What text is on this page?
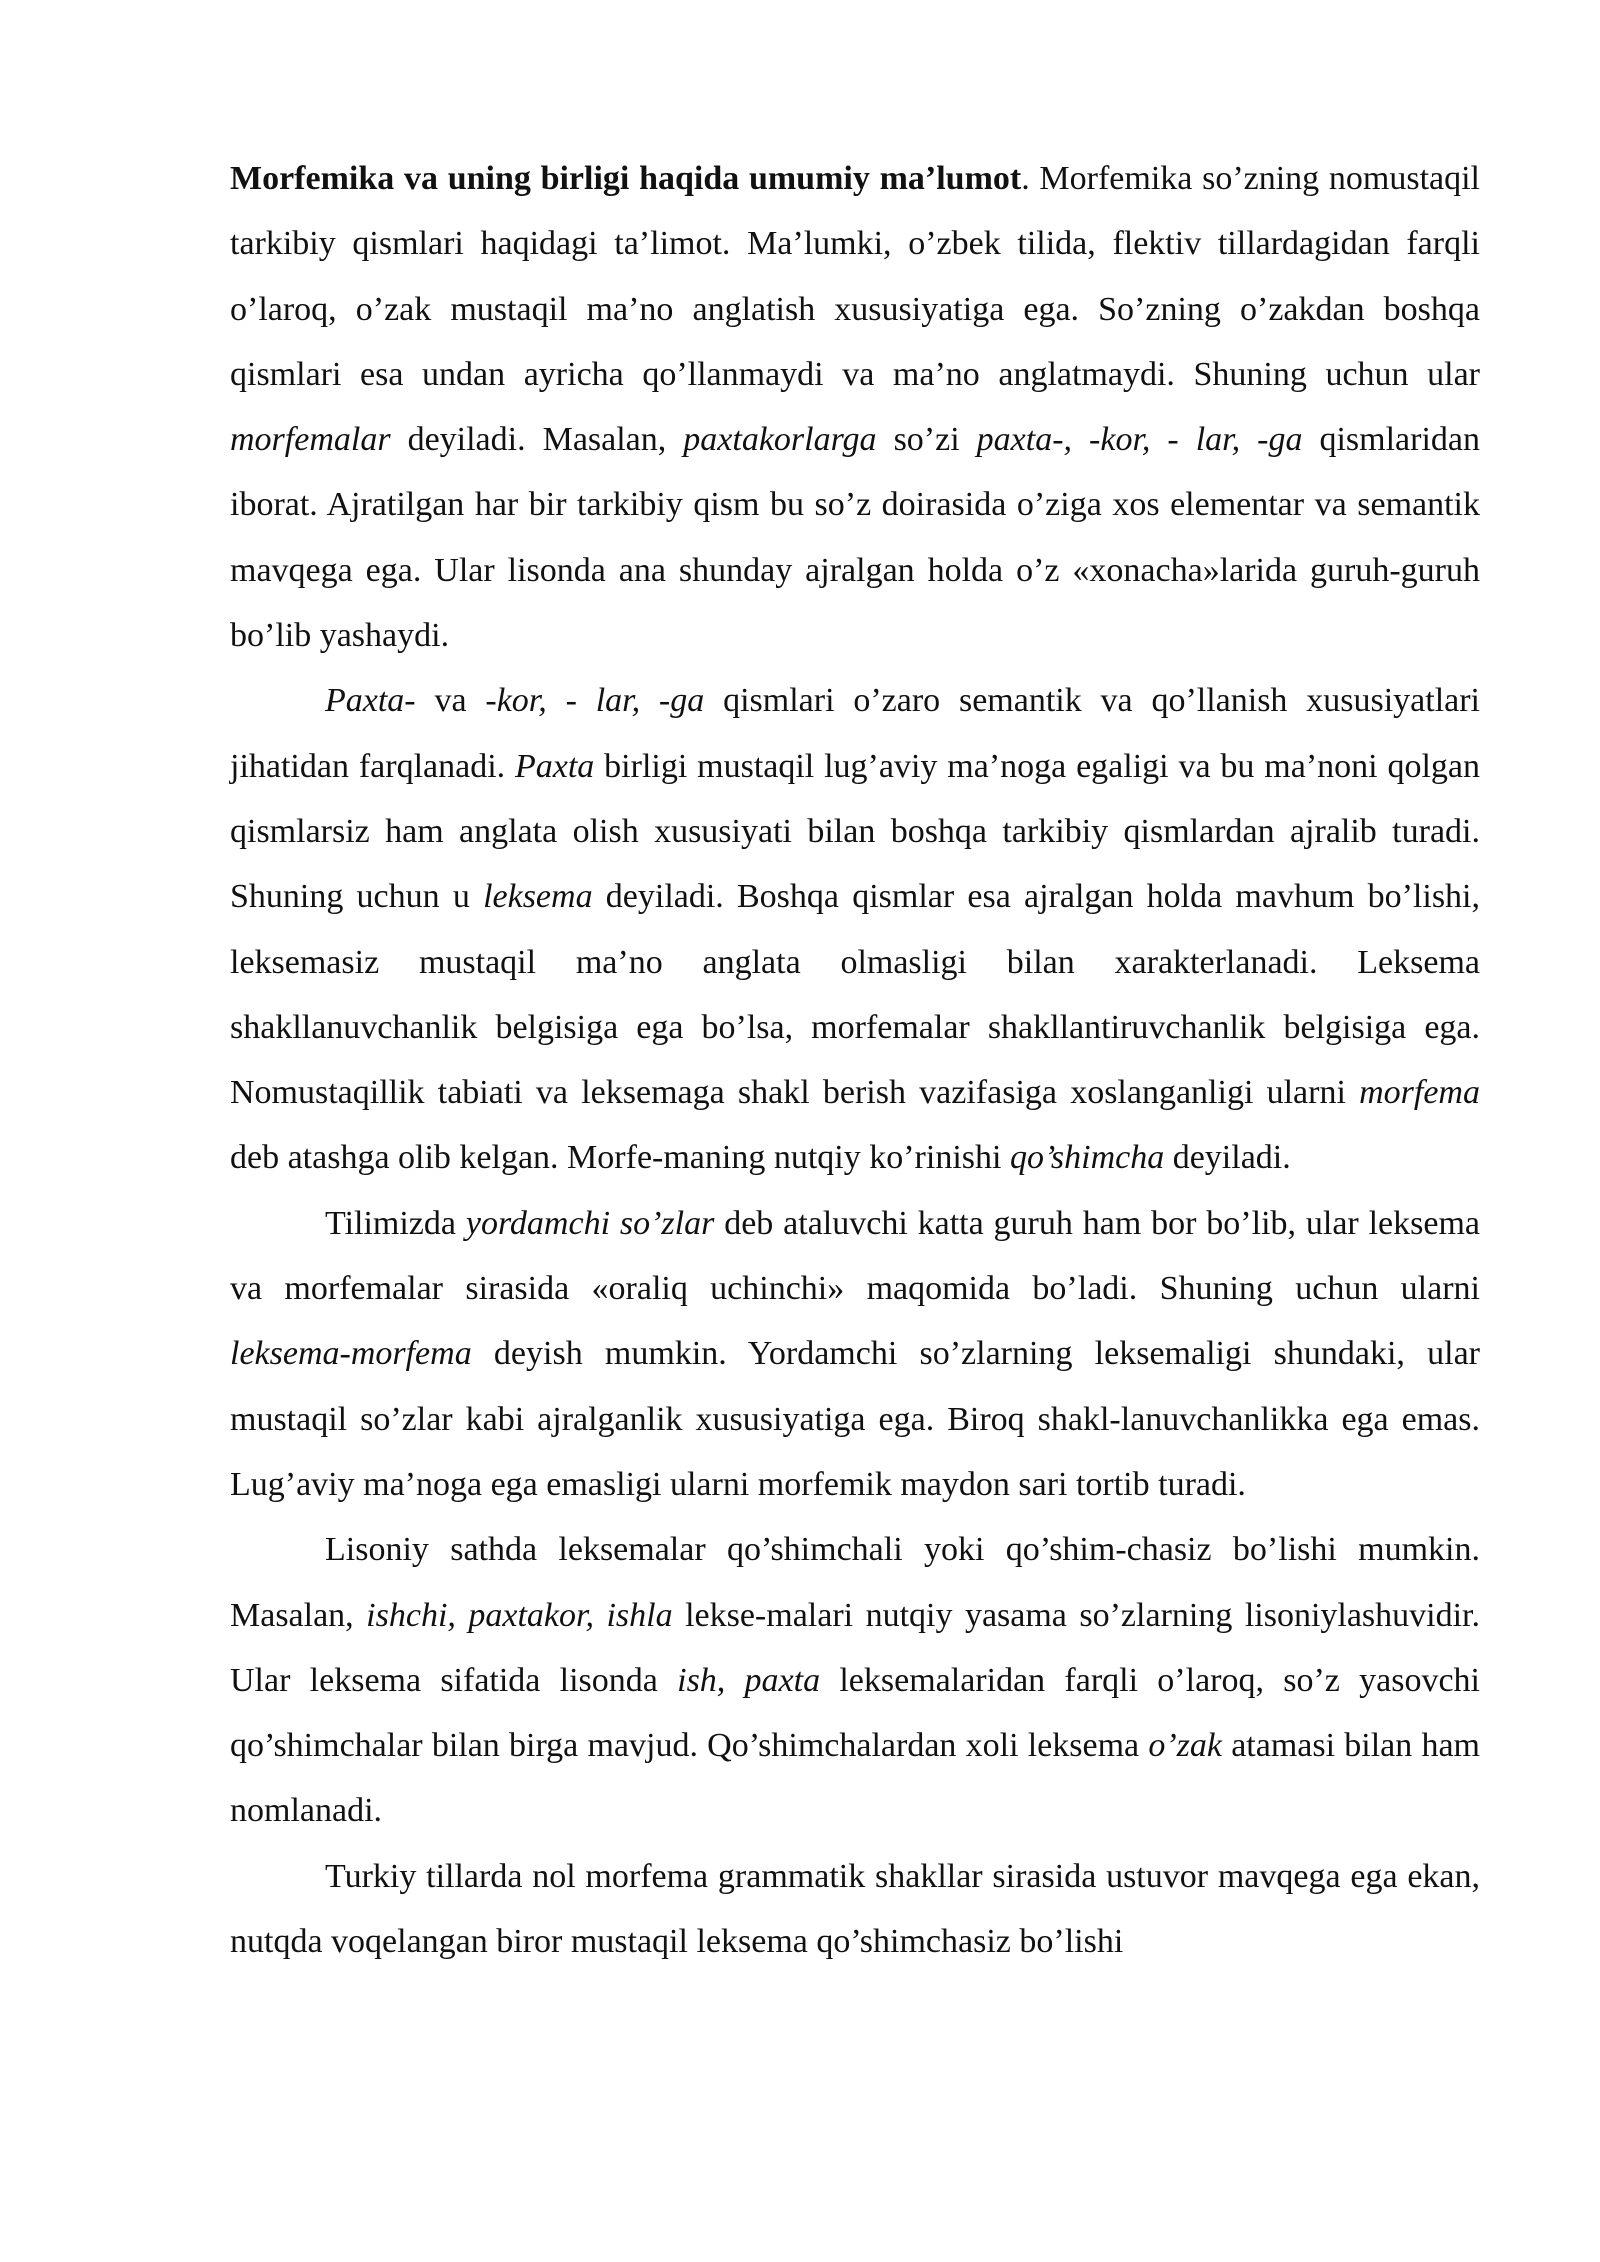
Morfemika va uning birligi haqida umumiy ma’lumot. Morfemika so’zning nomustaqil tarkibiy qismlari haqidagi ta’limot. Ma’lumki, o’zbek tilida, flektiv tillardagidan farqli o’laroq, o’zak mustaqil ma’no anglatish xususiyatiga ega. So’zning o’zakdan boshqa qismlari esa undan ayricha qo’llanmaydi va ma’no anglatmaydi. Shuning uchun ular morfemalar deyiladi. Masalan, paxtakorlarga so’zi paxta-, -kor, - lar, -ga qismlaridan iborat. Ajratilgan har bir tarkibiy qism bu so’z doirasida o’ziga xos elementar va semantik mavqega ega. Ular lisonda ana shunday ajralgan holda o’z «xonacha»larida guruh-guruh bo’lib yashaydi.

Paxta- va -kor, - lar, -ga qismlari o’zaro semantik va qo’llanish xususiyatlari jihatidan farqlanadi. Paxta birligi mustaqil lug’aviy ma’noga egaligi va bu ma’noni qolgan qismlarsiz ham anglata olish xususiyati bilan boshqa tarkibiy qismlardan ajralib turadi. Shuning uchun u leksema deyiladi. Boshqa qismlar esa ajralgan holda mavhum bo’lishi, leksemasiz mustaqil ma’no anglata olmasligi bilan xarakterlanadi. Leksema shakllanuvchanlik belgisiga ega bo’lsa, morfemalar shakllantiruvchanlik belgisiga ega. Nomustaqillik tabiati va leksemaga shakl berish vazifasiga xoslanganligi ularni morfema deb atashga olib kelgan. Morfe-maning nutqiy ko’rinishi qo’shimcha deyiladi.

Tilimizda yordamchi so’zlar deb ataluvchi katta guruh ham bor bo’lib, ular leksema va morfemalar sirasida «oraliq uchinchi» maqomida bo’ladi. Shuning uchun ularni leksema-morfema deyish mumkin. Yordamchi so’zlarning leksemaligi shundaki, ular mustaqil so’zlar kabi ajralganlik xususiyatiga ega. Biroq shakl-lanuvchanlikka ega emas. Lug’aviy ma’noga ega emasligi ularni morfemik maydon sari tortib turadi.

Lisoniy sathda leksemalar qo’shimchali yoki qo’shim-chasiz bo’lishi mumkin. Masalan, ishchi, paxtakor, ishla lekse-malari nutqiy yasama so’zlarning lisoniylashuvidir. Ular leksema sifatida lisonda ish, paxta leksemalaridan farqli o’laroq, so’z yasovchi qo’shimchalar bilan birga mavjud. Qo’shimchalardan xoli leksema o’zak atamasi bilan ham nomlanadi.

Turkiy tillarda nol morfema grammatik shakllar sirasida ustuvor mavqega ega ekan, nutqda voqelangan biror mustaqil leksema qo’shimchasiz bo’lishi
